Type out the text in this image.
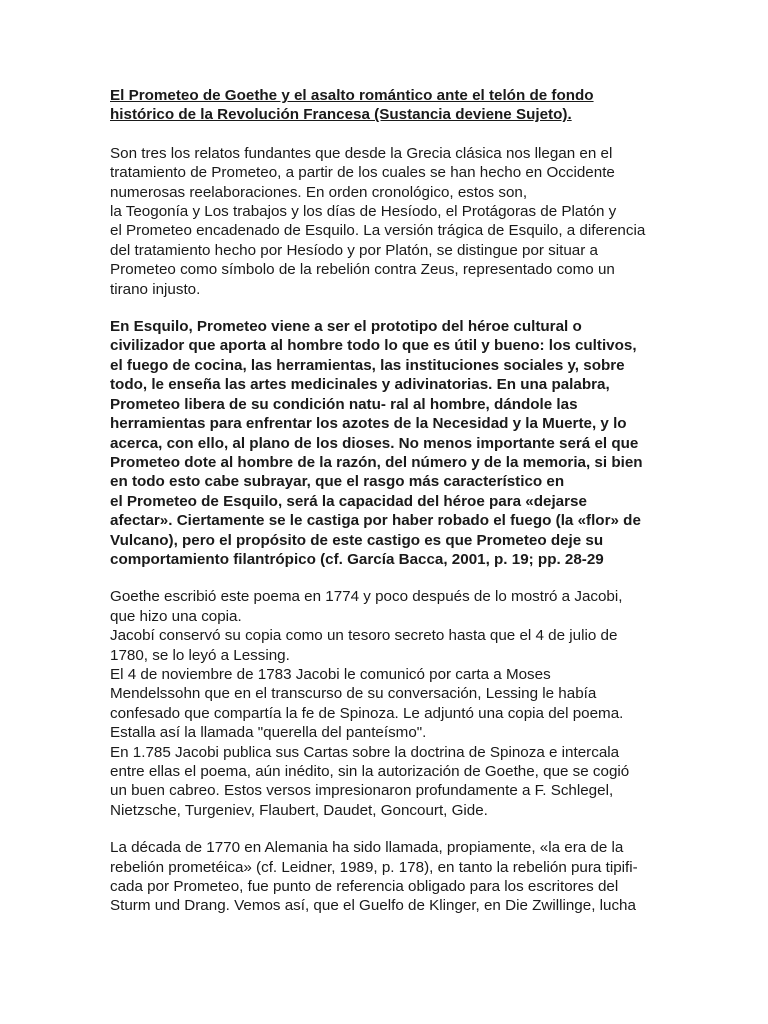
El Prometeo de Goethe y el asalto romántico ante el telón de fondo
histórico de la Revolución Francesa (Sustancia deviene Sujeto).

Son tres los relatos fundantes que desde la Grecia clásica nos llegan en el
tratamiento de Prometeo, a partir de los cuales se han hecho en Occidente
numerosas reelaboraciones. En orden cronológico, estos son,
la Teogonía y Los trabajos y los días de Hesíodo, el Protágoras de Platón y
el Prometeo encadenado de Esquilo. La versión trágica de Esquilo, a diferencia
del tratamiento hecho por Hesíodo y por Platón, se distingue por situar a
Prometeo como símbolo de la rebelión contra Zeus, representado como un
tirano injusto.

En Esquilo, Prometeo viene a ser el prototipo del héroe cultural o
civilizador que aporta al hombre todo lo que es útil y bueno: los cultivos,
el fuego de cocina, las herramientas, las instituciones sociales y, sobre
todo, le enseña las artes medicinales y adivinatorias. En una palabra,
Prometeo libera de su condición natu- ral al hombre, dándole las
herramientas para enfrentar los azotes de la Necesidad y la Muerte, y lo
acerca, con ello, al plano de los dioses. No menos importante será el que
Prometeo dote al hombre de la razón, del número y de la memoria, si bien
en todo esto cabe subrayar, que el rasgo más característico en
el Prometeo de Esquilo, será la capacidad del héroe para «dejarse
afectar». Ciertamente se le castiga por haber robado el fuego (la «flor» de
Vulcano), pero el propósito de este castigo es que Prometeo deje su
comportamiento filantrópico (cf. García Bacca, 2001, p. 19; pp. 28-29

Goethe escribió este poema en 1774 y poco después de lo mostró a Jacobi,
que hizo una copia.
Jacobí conservó su copia como un tesoro secreto hasta que el 4 de julio de
1780, se lo leyó a Lessing.
El 4 de noviembre de 1783 Jacobi le comunicó por carta a Moses
Mendelssohn que en el transcurso de su conversación, Lessing le había
confesado que compartía la fe de Spinoza. Le adjuntó una copia del poema.
Estalla así la llamada "querella del panteísmo".
En 1.785 Jacobi publica sus Cartas sobre la doctrina de Spinoza e intercala
entre ellas el poema, aún inédito, sin la autorización de Goethe, que se cogió
un buen cabreo. Estos versos impresionaron profundamente a F. Schlegel,
Nietzsche, Turgeniev, Flaubert, Daudet, Goncourt, Gide.

La década de 1770 en Alemania ha sido llamada, propiamente, «la era de la
rebelión prometéica» (cf. Leidner, 1989, p. 178), en tanto la rebelión pura tipifi-
cada por Prometeo, fue punto de referencia obligado para los escritores del
Sturm und Drang. Vemos así, que el Guelfo de Klinger, en Die Zwillinge, lucha
